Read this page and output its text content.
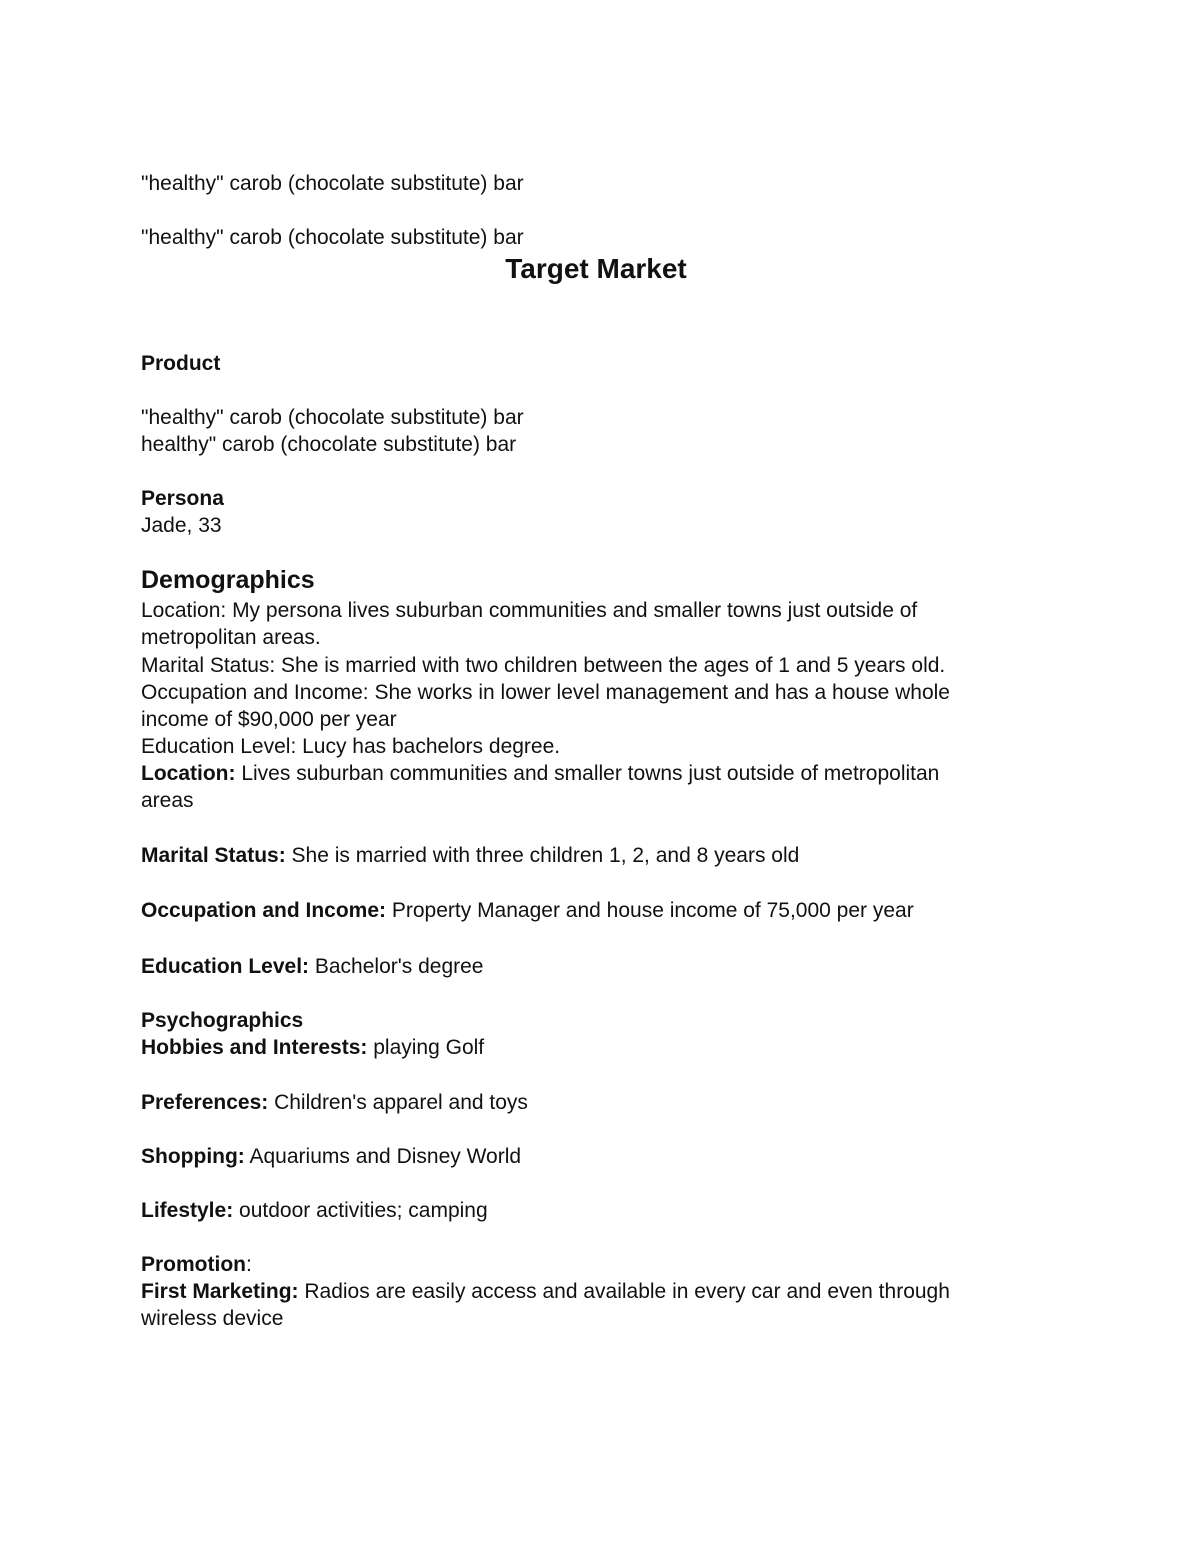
"healthy" carob (chocolate substitute) bar
"healthy" carob (chocolate substitute) bar
Target Market
Product
"healthy" carob (chocolate substitute) bar
healthy" carob (chocolate substitute) bar
Persona
Jade, 33
Demographics
Location: My persona lives suburban communities and smaller towns just outside of
metropolitan areas.
Marital Status: She is married with two children between the ages of 1 and 5 years old.
Occupation and Income: She works in lower level management and has a house whole
income of $90,000 per year
Education Level: Lucy has bachelors degree.
Location: Lives suburban communities and smaller towns just outside of metropolitan
areas
Marital Status: She is married with three children 1, 2, and 8 years old
Occupation and Income: Property Manager and house income of 75,000 per year
Education Level: Bachelor's degree
Psychographics
Hobbies and Interests: playing Golf
Preferences: Children's apparel and toys
Shopping: Aquariums and Disney World
Lifestyle: outdoor activities; camping
Promotion:
First Marketing: Radios are easily access and available in every car and even through
wireless device
